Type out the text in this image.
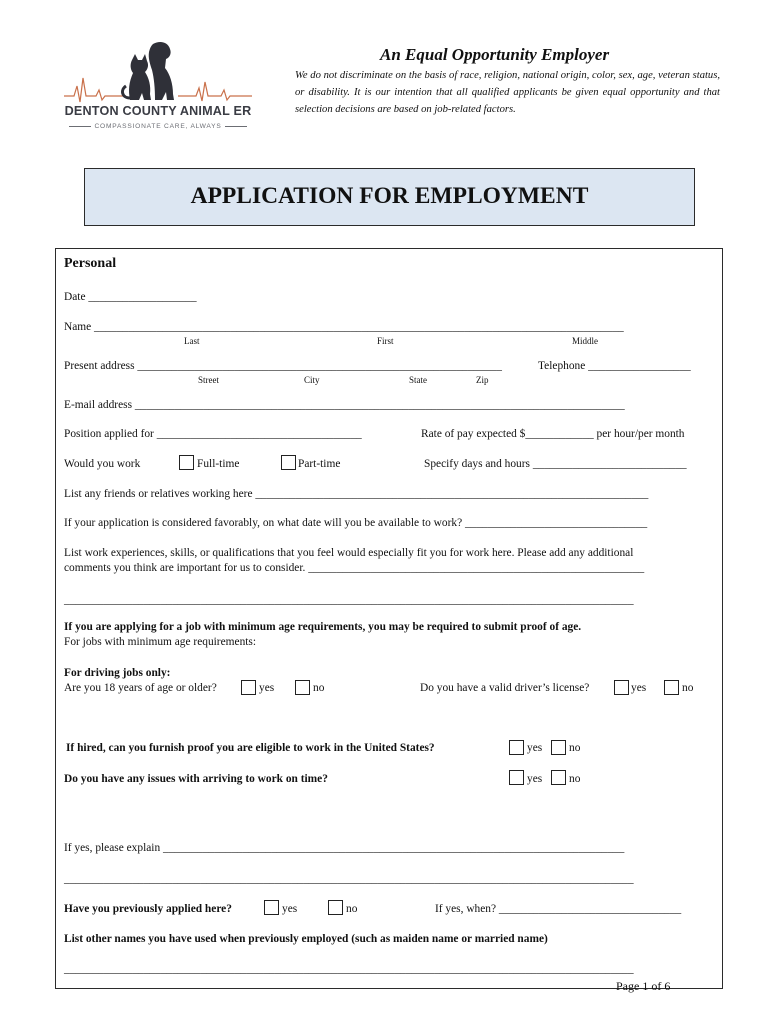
DENTON COUNTY ANIMAL ER
COMPASSIONATE CARE, ALWAYS
An Equal Opportunity Employer
We do not discriminate on the basis of race, religion, national origin, color, sex, age, veteran status, or disability. It is our intention that all qualified applicants be given equal opportunity and that selection decisions are based on job-related factors.
APPLICATION FOR EMPLOYMENT
Personal
Date ___________________
Name _____________________________________________________________________________________________
Last	First	Middle
Present address ________________________________________________________________	Telephone __________________
Street	City	State	Zip
E-mail address ______________________________________________________________________________________
Position applied for ____________________________________	Rate of pay expected $____________ per hour/per month
Would you work	Full-time	Part-time	Specify days and hours ___________________________
List any friends or relatives working here _____________________________________________________________________
If your application is considered favorably, on what date will you be available to work? ________________________________
List work experiences, skills, or qualifications that you feel would especially fit you for work here. Please add any additional
comments you think are important for us to consider. ___________________________________________________________
____________________________________________________________________________________________________
If you are applying for a job with minimum age requirements, you may be required to submit proof of age.
For jobs with minimum age requirements:
For driving jobs only:
Are you 18 years of age or older?	yes	no	Do you have a valid driver’s license?	yes	no
If hired, can you furnish proof you are eligible to work in the United States?	yes no
Do you have any issues with arriving to work on time?	yes no
If yes, please explain _________________________________________________________________________________
____________________________________________________________________________________________________
Have you previously applied here?	yes	no	If yes, when? ________________________________
List other names you have used when previously employed (such as maiden name or married name)
____________________________________________________________________________________________________
Page 1 of 6
